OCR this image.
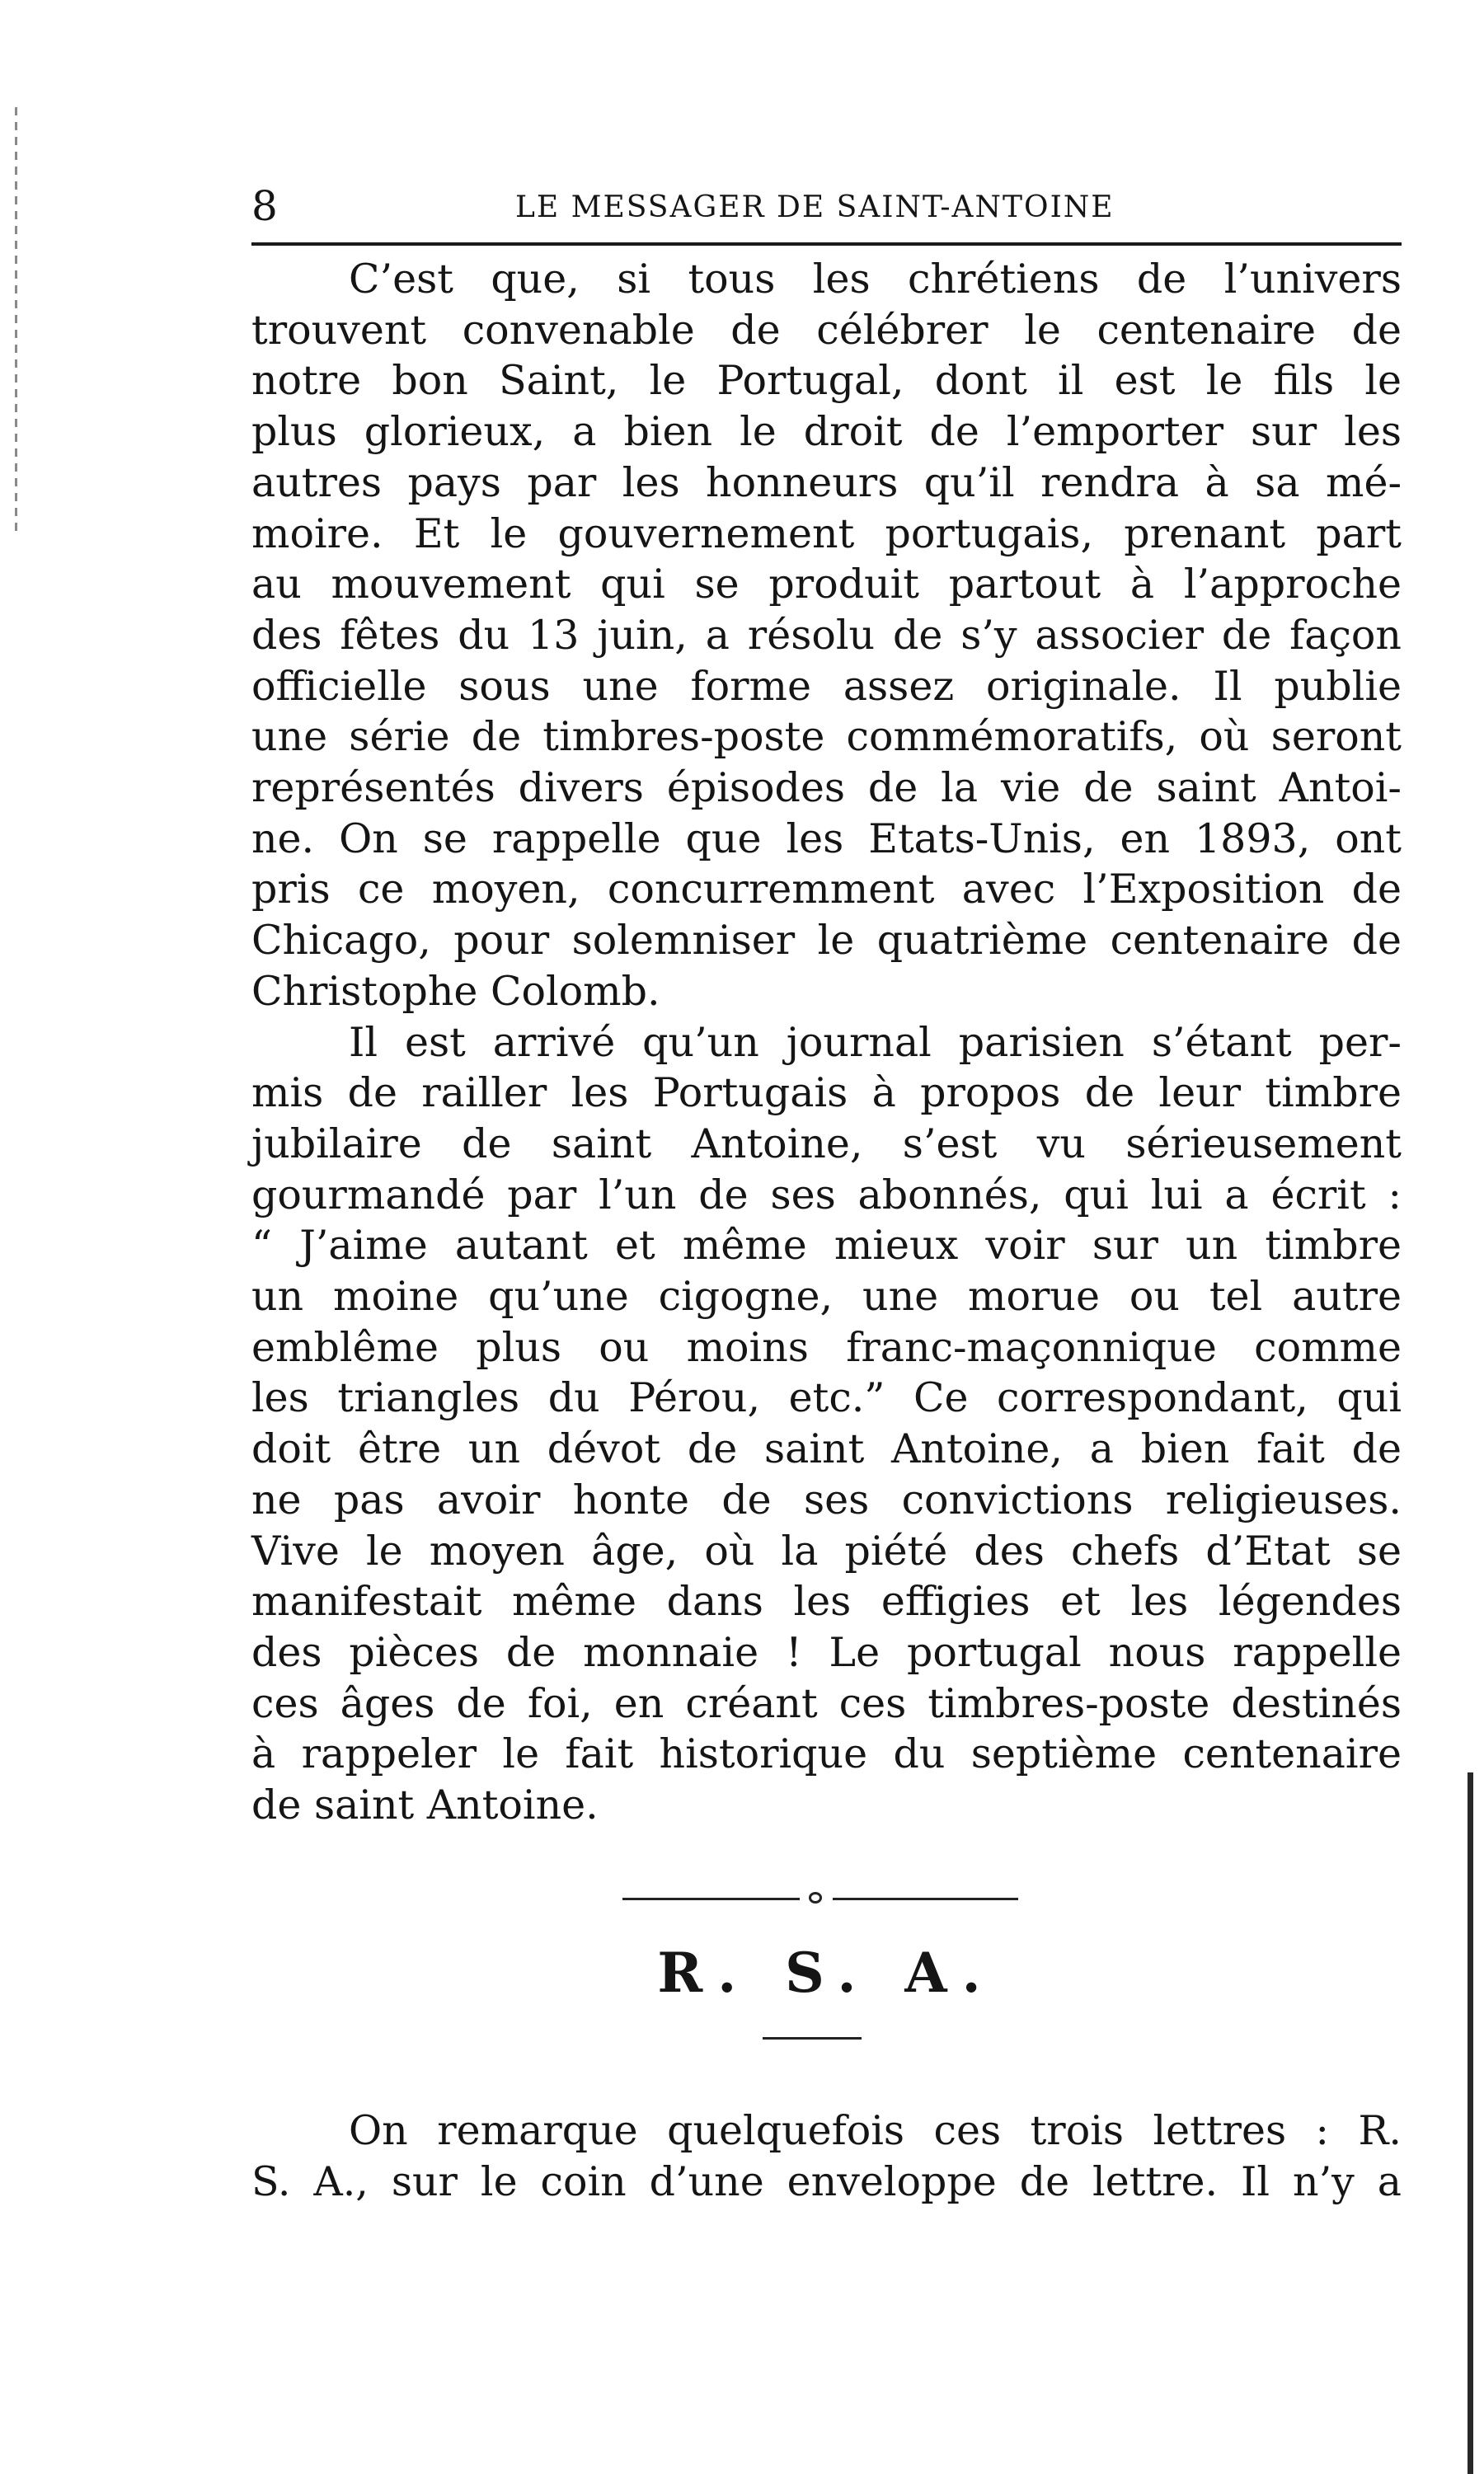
8	LE MESSAGER DE SAINT-ANTOINE

C’est que, si tous les chrétiens de l’univers
trouvent convenable de célébrer le centenaire de
notre bon Saint, le Portugal, dont il est le fils le
plus glorieux, a bien le droit de l’emporter sur les
autres pays par les honneurs qu’il rendra à sa mé-
moire. Et le gouvernement portugais, prenant part
au mouvement qui se produit partout à l’approche
des fêtes du 13 juin, a résolu de s’y associer de façon
officielle sous une forme assez originale. Il publie
une série de timbres-poste commémoratifs, où seront
représentés divers épisodes de la vie de saint Antoi-
ne. On se rappelle que les Etats-Unis, en 1893, ont
pris ce moyen, concurremment avec l’Exposition de
Chicago, pour solemniser le quatrième centenaire de
Christophe Colomb.

Il est arrivé qu’un journal parisien s’étant per-
mis de railler les Portugais à propos de leur timbre
jubilaire de saint Antoine, s’est vu sérieusement
gourmandé par l’un de ses abonnés, qui lui a écrit :
“ J’aime autant et même mieux voir sur un timbre
un moine qu’une cigogne, une morue ou tel autre
emblême plus ou moins franc-maçonnique comme
les triangles du Pérou, etc.” Ce correspondant, qui
doit être un dévot de saint Antoine, a bien fait de
ne pas avoir honte de ses convictions religieuses.
Vive le moyen âge, où la piété des chefs d’Etat se
manifestait même dans les effigies et les légendes
des pièces de monnaie ! Le portugal nous rappelle
ces âges de foi, en créant ces timbres-poste destinés
à rappeler le fait historique du septième centenaire
de saint Antoine.

R. S. A.

On remarque quelquefois ces trois lettres : R.
S. A., sur le coin d’une enveloppe de lettre. Il n’y a
